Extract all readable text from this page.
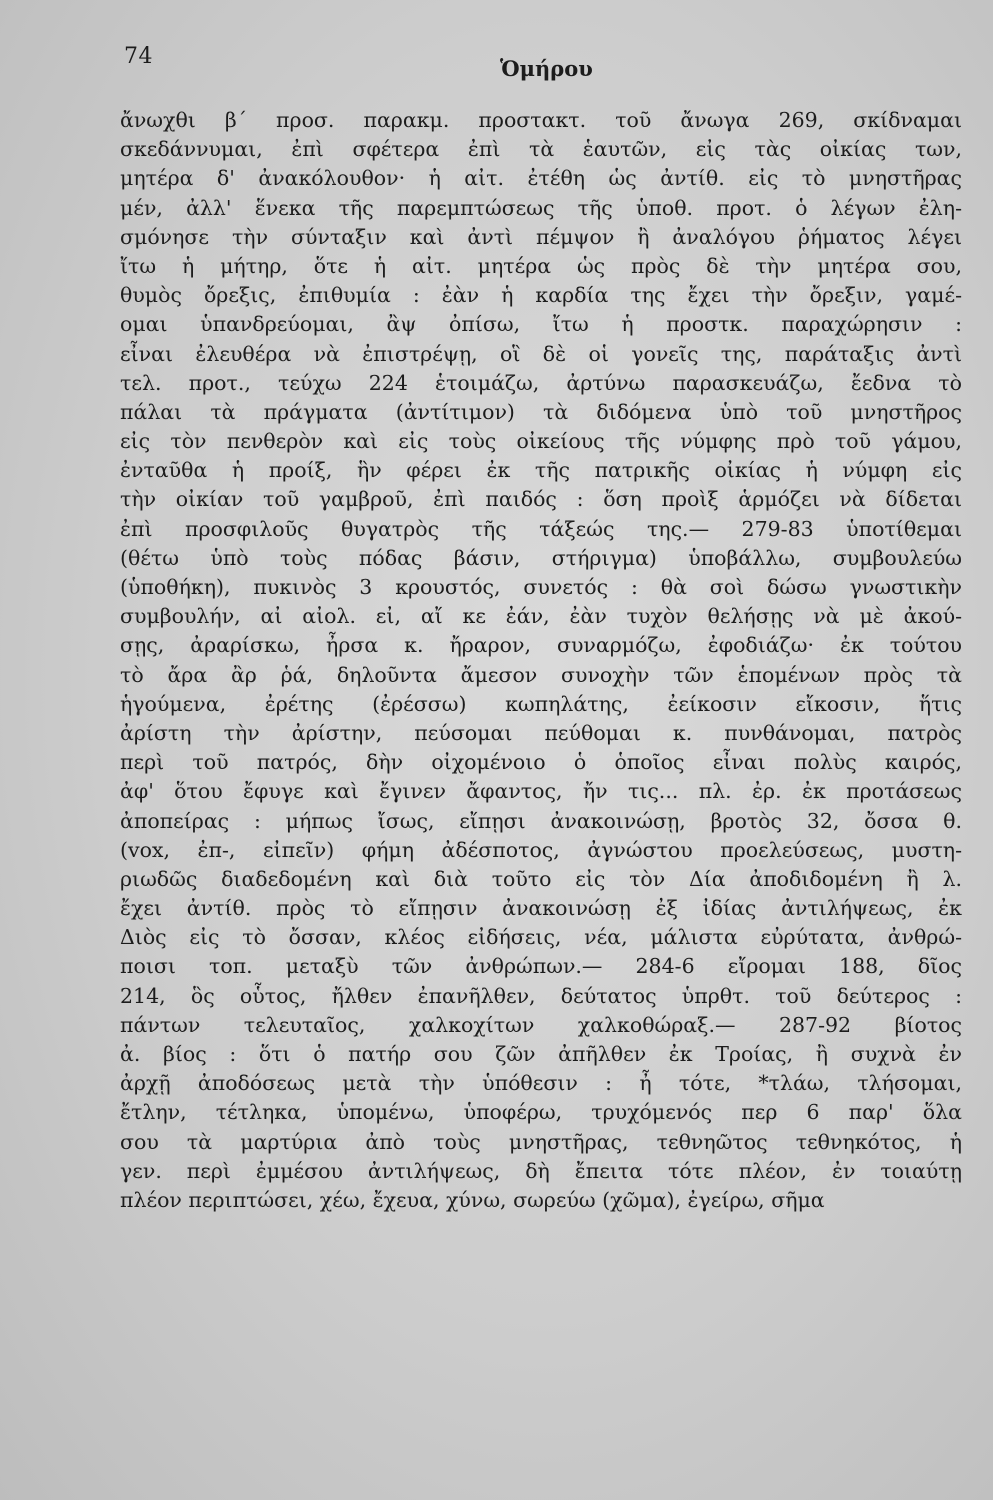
74	Ὁμήρου
ἄνωχθι β΄ προσ. παρακμ. προστακτ. τοῦ ἄνωγα 269, σκίδναμαι
σκεδάννυμαι, ἐπὶ σφέτερα ἐπὶ τὰ ἑαυτῶν, εἰς τὰς οἰκίας των,
μητέρα δ' ἀνακόλουθον· ἡ αἰτ. ἐτέθη ὡς ἀντίθ. εἰς τὸ μνηστῆρας
μέν, ἀλλ' ἕνεκα τῆς παρεμπτώσεως τῆς ὑποθ. προτ. ὁ λέγων ἐλη-
σμόνησε τὴν σύνταξιν καὶ ἀντὶ πέμψον ἢ ἀναλόγου ῥήματος λέγει
ἴτω ἡ μήτηρ, ὅτε ἡ αἰτ. μητέρα ὡς πρὸς δὲ τὴν μητέρα σου,
θυμὸς ὄρεξις, ἐπιθυμία : ἐὰν ἡ καρδία της ἔχει τὴν ὄρεξιν, γαμέ-
ομαι ὑπανδρεύομαι, ἂψ ὀπίσω, ἴτω ἡ προστκ. παραχώρησιν :
εἶναι ἐλευθέρα νὰ ἐπιστρέψῃ, οἳ δὲ οἱ γονεῖς της, παράταξις ἀντὶ
τελ. προτ., τεύχω 224 ἑτοιμάζω, ἀρτύνω παρασκευάζω, ἔεδνα τὸ
πάλαι τὰ πράγματα (ἀντίτιμον) τὰ διδόμενα ὑπὸ τοῦ μνηστῆρος
εἰς τὸν πενθερὸν καὶ εἰς τοὺς οἰκείους τῆς νύμφης πρὸ τοῦ γάμου,
ἐνταῦθα ἡ προίξ, ἣν φέρει ἐκ τῆς πατρικῆς οἰκίας ἡ νύμφη εἰς
τὴν οἰκίαν τοῦ γαμβροῦ, ἐπὶ παιδός : ὅση προὶξ ἁρμόζει νὰ δίδεται
ἐπὶ προσφιλοῦς θυγατρὸς τῆς τάξεώς της.— 279-83 ὑποτίθεμαι
(θέτω ὑπὸ τοὺς πόδας βάσιν, στήριγμα) ὑποβάλλω, συμβουλεύω
(ὑποθήκη), πυκινὸς 3 κρουστός, συνετός : θὰ σοὶ δώσω γνωστικὴν
συμβουλήν, αἰ αἰολ. εἰ, αἴ κε ἐάν, ἐὰν τυχὸν θελήσῃς νὰ μὲ ἀκού-
σῃς, ἀραρίσκω, ἦρσα κ. ἤραρον, συναρμόζω, ἐφοδιάζω· ἐκ τούτου
τὸ ἄρα ἂρ ῥά, δηλοῦντα ἄμεσον συνοχὴν τῶν ἑπομένων πρὸς τὰ
ἡγούμενα, ἐρέτης (ἐρέσσω) κωπηλάτης, ἐείκοσιν εἴκοσιν, ἥτις
ἀρίστη τὴν ἀρίστην, πεύσομαι πεύθομαι κ. πυνθάνομαι, πατρὸς
περὶ τοῦ πατρός, δὴν οἰχομένοιο ὁ ὁποῖος εἶναι πολὺς καιρός,
ἀφ' ὅτου ἔφυγε καὶ ἔγινεν ἄφαντος, ἤν τις... πλ. ἐρ. ἐκ προτάσεως
ἀποπείρας : μήπως ἴσως, εἴπῃσι ἀνακοινώσῃ, βροτὸς 32, ὄσσα θ.
(vox, ἐπ-, εἰπεῖν) φήμη ἀδέσποτος, ἀγνώστου προελεύσεως, μυστη-
ριωδῶς διαδεδομένη καὶ διὰ τοῦτο εἰς τὸν Δία ἀποδιδομένη ἢ λ.
ἔχει ἀντίθ. πρὸς τὸ εἴπῃσιν ἀνακοινώσῃ ἐξ ἰδίας ἀντιλήψεως, ἐκ
Διὸς εἰς τὸ ὄσσαν, κλέος εἰδήσεις, νέα, μάλιστα εὐρύτατα, ἀνθρώ-
ποισι τοπ. μεταξὺ τῶν ἀνθρώπων.— 284-6 εἴρομαι 188, δῖος
214, ὃς οὗτος, ἤλθεν ἐπανῆλθεν, δεύτατος ὑπρθτ. τοῦ δεύτερος :
πάντων τελευταῖος, χαλκοχίτων χαλκοθώραξ.— 287-92 βίοτος
ἀ. βίος : ὅτι ὁ πατήρ σου ζῶν ἀπῆλθεν ἐκ Τροίας, ἢ συχνὰ ἐν
ἀρχῇ ἀποδόσεως μετὰ τὴν ὑπόθεσιν : ἦ τότε, *τλάω, τλήσομαι,
ἔτλην, τέτληκα, ὑπομένω, ὑποφέρω, τρυχόμενός περ 6 παρ' ὅλα
σου τὰ μαρτύρια ἀπὸ τοὺς μνηστῆρας, τεθνηῶτος τεθνηκότος, ἡ
γεν. περὶ ἐμμέσου ἀντιλήψεως, δὴ ἔπειτα τότε πλέον, ἐν τοιαύτῃ
πλέον περιπτώσει, χέω, ἔχευα, χύνω, σωρεύω (χῶμα), ἐγείρω, σῆμα
